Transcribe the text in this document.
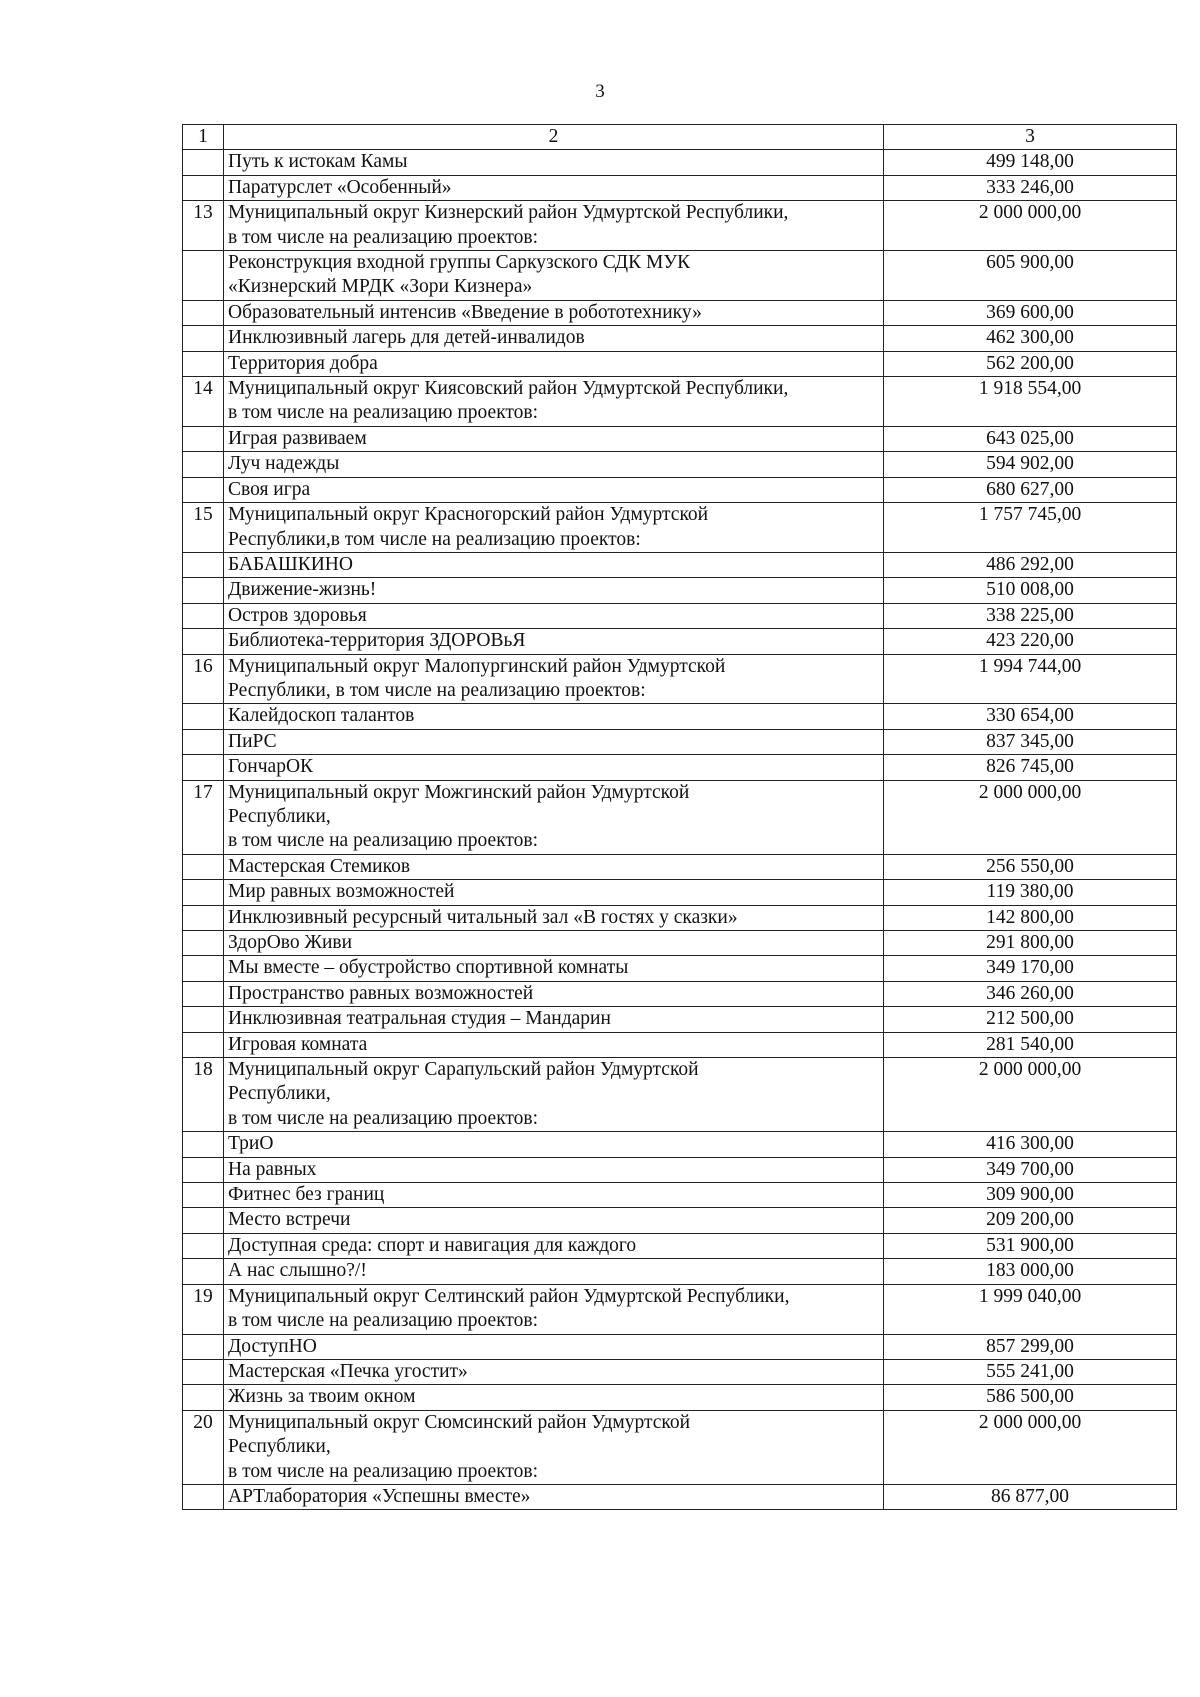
3
1	2	3

	Путь к истокам Камы	499 148,00

	Паратурслет «Особенный»	333 246,00
13	Муниципальный округ Кизнерский район Удмуртской Республики,
в том числе на реализацию проектов:	2 000 000,00

	Реконструкция входной группы Саркузского СДК МУК
«Кизнерский МРДК «Зори Кизнера»	605 900,00

	Образовательный интенсив «Введение в робототехнику»	369 600,00

	Инклюзивный лагерь для детей-инвалидов	462 300,00

	Территория добра	562 200,00
14	Муниципальный округ Киясовский район Удмуртской Республики,
в том числе на реализацию проектов:	1 918 554,00

	Играя развиваем	643 025,00

	Луч надежды	594 902,00

	Своя игра	680 627,00
15	Муниципальный округ Красногорский район Удмуртской
Республики,в том числе на реализацию проектов:	1 757 745,00

	БАБАШКИНО	486 292,00

	Движение-жизнь!	510 008,00

	Остров здоровья	338 225,00

	Библиотека-территория ЗДОРОВьЯ	423 220,00
16	Муниципальный округ Малопургинский район Удмуртской
Республики, в том числе на реализацию проектов:	1 994 744,00

	Калейдоскоп талантов	330 654,00

	ПиРС	837 345,00

	ГончарОК	826 745,00
17	Муниципальный округ Можгинский район Удмуртской
Республики,
в том числе на реализацию проектов:	2 000 000,00

	Мастерская Стемиков	256 550,00

	Мир равных возможностей	119 380,00

	Инклюзивный ресурсный читальный зал «В гостях у сказки»	142 800,00

	ЗдорОво Живи	291 800,00

	Мы вместе – обустройство спортивной комнаты	349 170,00

	Пространство равных возможностей	346 260,00

	Инклюзивная театральная студия – Мандарин	212 500,00

	Игровая комната	281 540,00
18	Муниципальный округ Сарапульский район Удмуртской
Республики,
в том числе на реализацию проектов:	2 000 000,00

	ТриО	416 300,00

	На равных	349 700,00

	Фитнес без границ	309 900,00

	Место встречи	209 200,00

	Доступная среда: спорт и навигация для каждого	531 900,00

	А нас слышно?/!	183 000,00
19	Муниципальный округ Селтинский район Удмуртской Республики,
в том числе на реализацию проектов:	1 999 040,00

	ДоступНО	857 299,00

	Мастерская «Печка угостит»	555 241,00

	Жизнь за твоим окном	586 500,00
20	Муниципальный округ Сюмсинский район Удмуртской
Республики,
в том числе на реализацию проектов:	2 000 000,00

	АРТлаборатория «Успешны вместе»	86 877,00
